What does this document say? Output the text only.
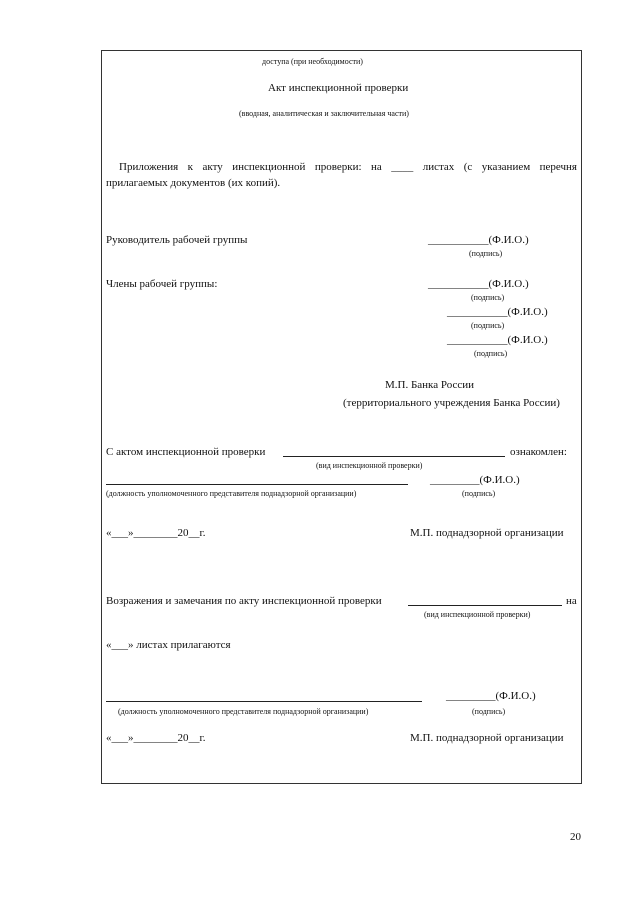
доступа (при необходимости)
Акт инспекционной проверки
(вводная, аналитическая и заключительная части)
Приложения к акту инспекционной проверки: на ____ листах (с указанием перечня
прилагаемых документов (их копий).
Руководитель рабочей группы	___________(Ф.И.О.)
(подпись)
Члены рабочей группы:	___________(Ф.И.О.)
(подпись)
___________(Ф.И.О.)
(подпись)
___________(Ф.И.О.)
(подпись)
М.П. Банка России
(территориального учреждения Банка России)
С актом инспекционной проверки	ознакомлен:
(вид инспекционной проверки)
_________(Ф.И.О.)
(должность уполномоченного представителя поднадзорной организации)	(подпись)
«___»________20__г.	М.П. поднадзорной организации
Возражения и замечания по акту инспекционной проверки	на
(вид инспекционной проверки)
«___» листах прилагаются
_________(Ф.И.О.)
(должность уполномоченного представителя поднадзорной организации)	(подпись)
«___»________20__г.	М.П. поднадзорной организации
20
